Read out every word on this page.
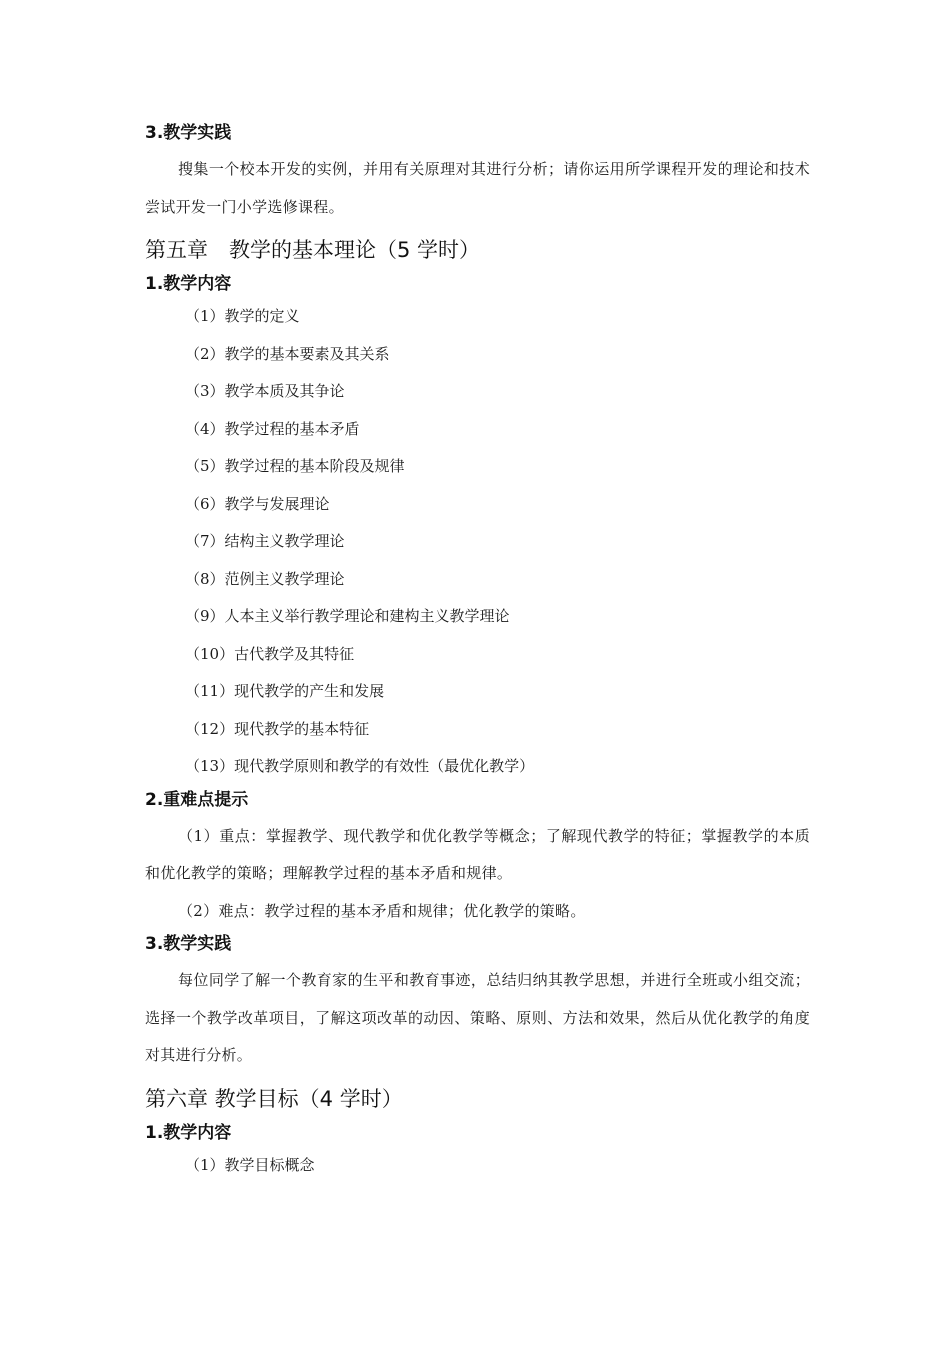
3.教学实践

搜集一个校本开发的实例，并用有关原理对其进行分析；请你运用所学课程开发的理论和技术尝试开发一门小学选修课程。

第五章　教学的基本理论（5 学时）

1.教学内容

（1）教学的定义

（2）教学的基本要素及其关系

（3）教学本质及其争论

（4）教学过程的基本矛盾

（5）教学过程的基本阶段及规律

（6）教学与发展理论

（7）结构主义教学理论

（8）范例主义教学理论

（9）人本主义举行教学理论和建构主义教学理论

（10）古代教学及其特征

（11）现代教学的产生和发展

（12）现代教学的基本特征

（13）现代教学原则和教学的有效性（最优化教学）

2.重难点提示

（1）重点：掌握教学、现代教学和优化教学等概念；了解现代教学的特征；掌握教学的本质和优化教学的策略；理解教学过程的基本矛盾和规律。

（2）难点：教学过程的基本矛盾和规律；优化教学的策略。

3.教学实践

每位同学了解一个教育家的生平和教育事迹，总结归纳其教学思想，并进行全班或小组交流；选择一个教学改革项目，了解这项改革的动因、策略、原则、方法和效果，然后从优化教学的角度对其进行分析。

第六章 教学目标（4 学时）

1.教学内容

（1）教学目标概念
